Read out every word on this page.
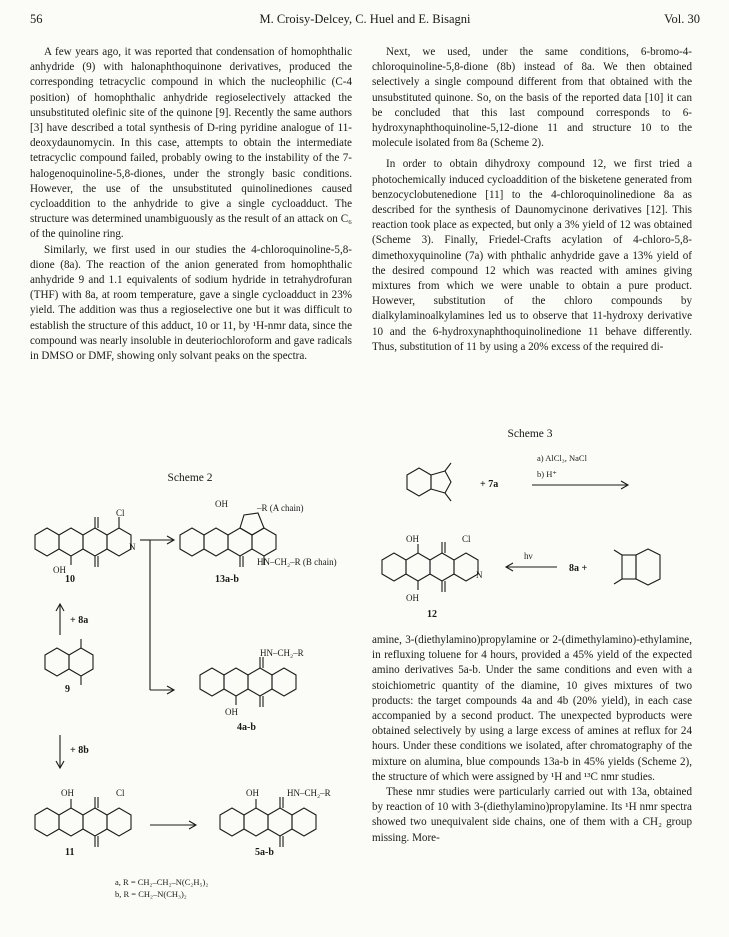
56	M. Croisy-Delcey, C. Huel and E. Bisagni	Vol. 30

A few years ago, it was reported that condensation of homophthalic anhydride (9) with halonaphthoquinone derivatives, produced the corresponding tetracyclic compound in which the nucleophilic (C-4 position) of homophthalic anhydride regioselectively attacked the unsubstituted olefinic site of the quinone [9]. Recently the same authors [3] have described a total synthesis of D-ring pyridine analogue of 11-deoxydaunomycin. In this case, attempts to obtain the intermediate tetracyclic compound failed, probably owing to the instability of the 7-halogenoquinoline-5,8-diones, under the strongly basic conditions. However, the use of the unsubstituted quinolinediones caused cycloaddition to the anhydride to give a single cycloadduct. The structure was determined unambiguously as the result of an attack on C₆ of the quinoline ring.

Similarly, we first used in our studies the 4-chloroquinoline-5,8-dione (8a). The reaction of the anion generated from homophthalic anhydride 9 and 1.1 equivalents of sodium hydride in tetrahydrofuran (THF) with 8a, at room temperature, gave a single cycloadduct in 23% yield. The addition was thus a regioselective one but it was difficult to establish the structure of this adduct, 10 or 11, by ¹H-nmr data, since the compound was nearly insoluble in deuteriochloroform and gave radicals in DMSO or DMF, showing only solvant peaks on the spectra.

Next, we used, under the same conditions, 6-bromo-4-chloroquinoline-5,8-dione (8b) instead of 8a. We then obtained selectively a single compound different from that obtained with the unsubstituted quinone. So, on the basis of the reported data [10] it can be concluded that this last compound corresponds to 6-hydroxynaphthoquinoline-5,12-dione 11 and structure 10 to the molecule isolated from 8a (Scheme 2).

In order to obtain dihydroxy compound 12, we first tried a photochemically induced cycloaddition of the bisketene generated from benzocyclobutenedione [11] to the 4-chloroquinolinedione 8a as described for the synthesis of Daunomycinone derivatives [12]. This reaction took place as expected, but only a 3% yield of 12 was obtained (Scheme 3). Finally, Friedel-Crafts acylation of 4-chloro-5,8-dimethoxyquinoline (7a) with phthalic anhydride gave a 13% yield of the desired compound 12 which was reacted with amines giving mixtures from which we were unable to obtain a pure product. However, substitution of the chloro compounds by dialkylaminoalkylamines led us to observe that 11-hydroxy derivative 10 and the 6-hydroxynaphthoquinolinedione 11 behave differently. Thus, substitution of 11 by using a 20% excess of the required di-

amine, 3-(diethylamino)propylamine or 2-(dimethylamino)-ethylamine, in refluxing toluene for 4 hours, provided a 45% yield of the expected amino derivatives 5a-b. Under the same conditions and even with a stoichiometric quantity of the diamine, 10 gives mixtures of two products: the target compounds 4a and 4b (20% yield), in each case accompanied by a second product. The unexpected byproducts were obtained selectively by using a large excess of amines at reflux for 24 hours. Under these conditions we isolated, after chromatography of the mixture on alumina, blue compounds 13a-b in 45% yields (Scheme 2), the structure of which were assigned by ¹H and ¹³C nmr studies.

These nmr studies were particularly carried out with 13a, obtained by reaction of 10 with 3-(diethylamino)propylamine. Its ¹H nmr spectra showed two unequivalent side chains, one of them with a CH₂ group missing. More-

Scheme 2
OH
Cl
N
10
+ 8a
9
+ 8b
OH	Cl
11
OH	HN–CH₂–R
5a-b
OH	–R (A chain)
HN–CH₂–R (B chain)
13a-b
OH
HN–CH₂–R
4a-b
a, R = CH₂–CH₂–N(C₂H₅)₂
b, R = CH₂–N(CH₃)₂
Scheme 3
+ 7a
a) AlCl₃, NaCl
b) H⁺
OH
OH
Cl
N
12
hν
8a +
